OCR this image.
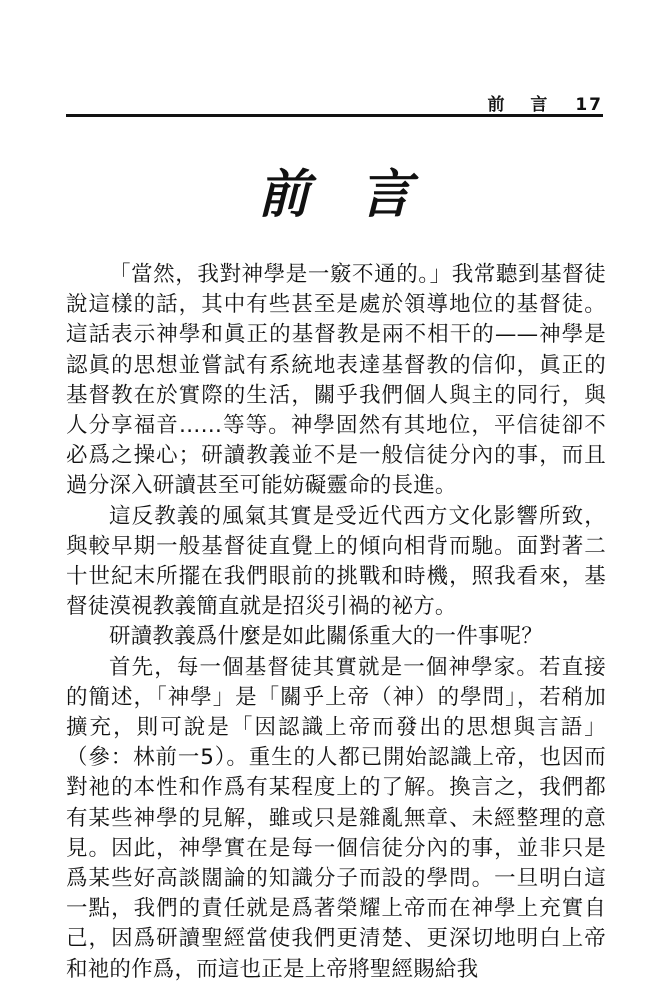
前 言 17
前言

「當然，我對神學是一竅不通的。」我常聽到基督徒說這樣的話，其中有些甚至是處於領導地位的基督徒。這話表示神學和眞正的基督教是兩不相干的——神學是認眞的思想並嘗試有系統地表達基督教的信仰，眞正的基督教在於實際的生活，關乎我們個人與主的同行，與人分享福音……等等。神學固然有其地位，平信徒卻不必爲之操心；研讀教義並不是一般信徒分內的事，而且過分深入研讀甚至可能妨礙靈命的長進。

這反教義的風氣其實是受近代西方文化影響所致，與較早期一般基督徒直覺上的傾向相背而馳。面對著二十世紀末所擺在我們眼前的挑戰和時機，照我看來，基督徒漠視教義簡直就是招災引禍的袐方。

研讀教義爲什麼是如此關係重大的一件事呢？

首先，每一個基督徒其實就是一個神學家。若直接的簡述，「神學」是「關乎上帝（神）的學問」，若稍加擴充，則可說是「因認識上帝而發出的思想與言語」（參：林前一5）。重生的人都已開始認識上帝，也因而對祂的本性和作爲有某程度上的了解。換言之，我們都有某些神學的見解，雖或只是雜亂無章、未經整理的意見。因此，神學實在是每一個信徒分內的事，並非只是爲某些好高談闊論的知識分子而設的學問。一旦明白這一點，我們的責任就是爲著榮耀上帝而在神學上充實自己，因爲研讀聖經當使我們更清楚、更深切地明白上帝和祂的作爲，而這也正是上帝將聖經賜給我
